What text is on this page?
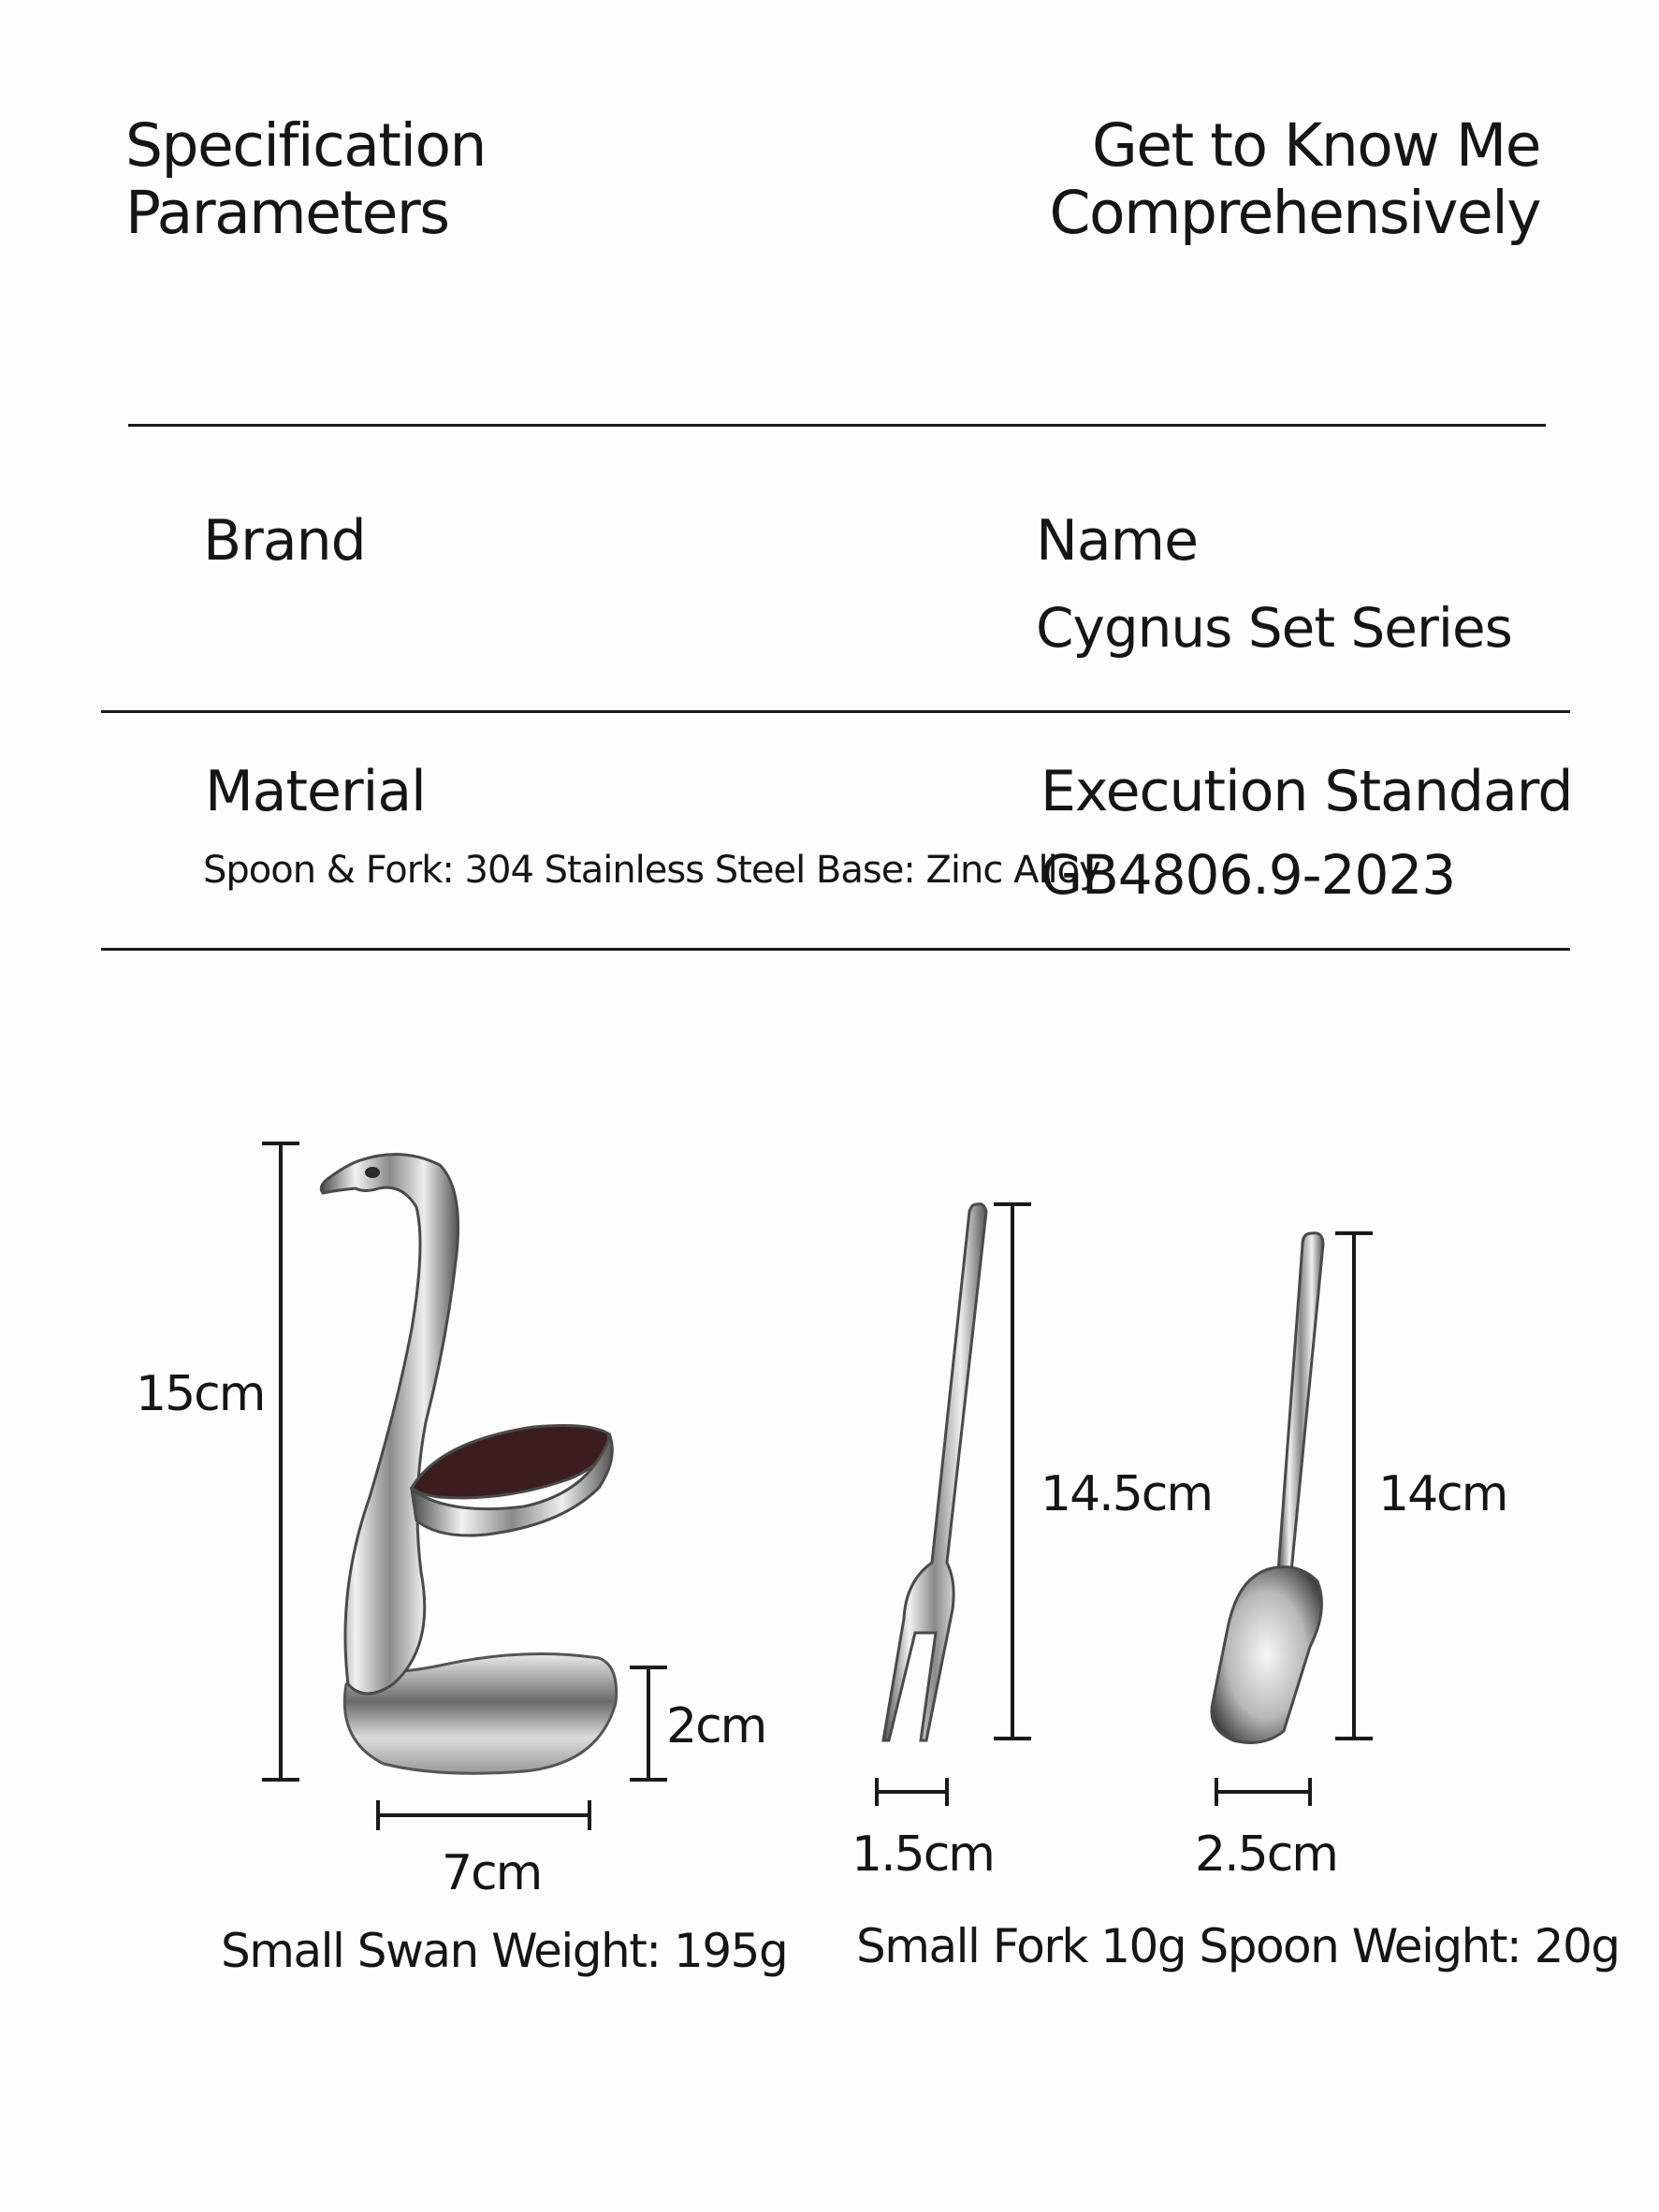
Specification
Parameters
Get to Know Me
Comprehensively
Brand	Name
Cygnus Set Series
Material
Spoon & Fork: 304 Stainless Steel Base: Zinc Alloy
Execution Standard
GB4806.9-2023
15cm
2cm
7cm
14.5cm
1.5cm
14cm
2.5cm
Small Swan Weight: 195g Small Fork 10g Spoon Weight: 20g
